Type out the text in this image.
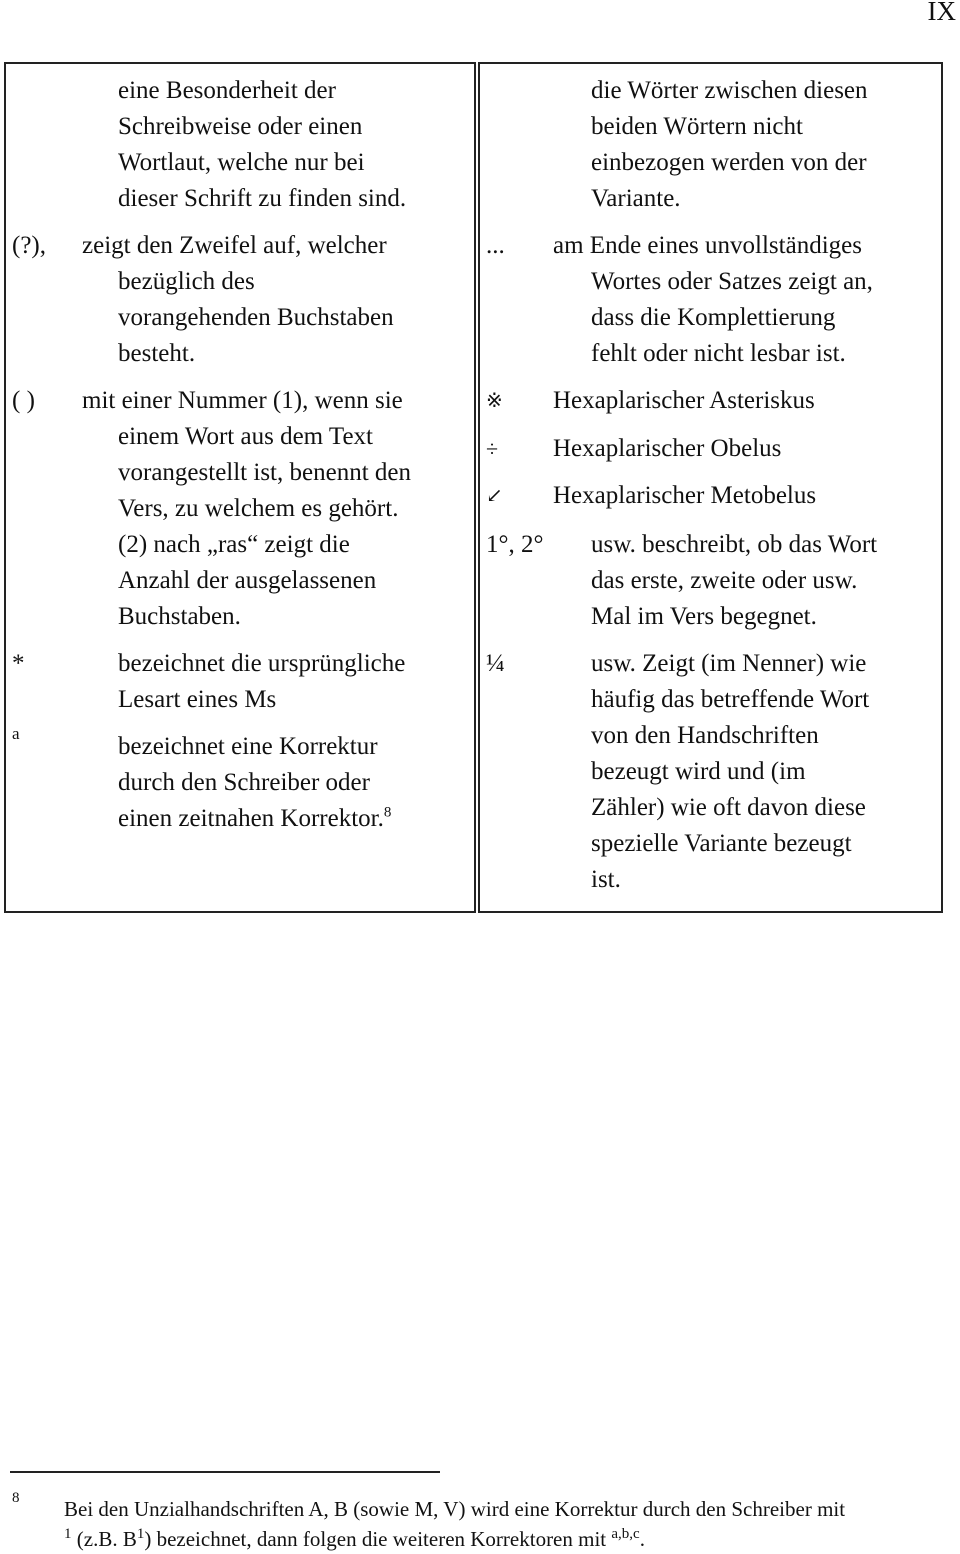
IX
eine Besonderheit der
Schreibweise oder einen
Wortlaut, welche nur bei
dieser Schrift zu finden sind.
(?), zeigt den Zweifel auf, welcher
bezüglich des
vorangehenden Buchstaben
besteht.
( ) mit einer Nummer (1), wenn sie
einem Wort aus dem Text
vorangestellt ist, benennt den
Vers, zu welchem es gehört.
(2) nach „ras“ zeigt die
Anzahl der ausgelassenen
Buchstaben.
*	bezeichnet die ursprüngliche
Lesart eines Ms
a	bezeichnet eine Korrektur
durch den Schreiber oder
einen zeitnahen Korrektor.$^8$
die Wörter zwischen diesen
beiden Wörtern nicht
einbezogen werden von der
Variante.
... am Ende eines unvollständiges
Wortes oder Satzes zeigt an,
dass die Komplettierung
fehlt oder nicht lesbar ist.
※ Hexaplarischer Asteriskus
÷ Hexaplarischer Obelus
↙ Hexaplarischer Metobelus
1°, 2° usw. beschreibt, ob das Wort
das erste, zweite oder usw.
Mal im Vers begegnet.
¼	usw. Zeigt (im Nenner) wie
häufig das betreffende Wort
von den Handschriften
bezeugt wird und (im
Zähler) wie oft davon diese
spezielle Variante bezeugt
ist.
8 Bei den Unzialhandschriften A, B (sowie M, V) wird eine Korrektur durch den Schreiber mit
$^1$ (z.B. $B^1$) bezeichnet, dann folgen die weiteren Korrektoren mit $^{a,b,c}$.
